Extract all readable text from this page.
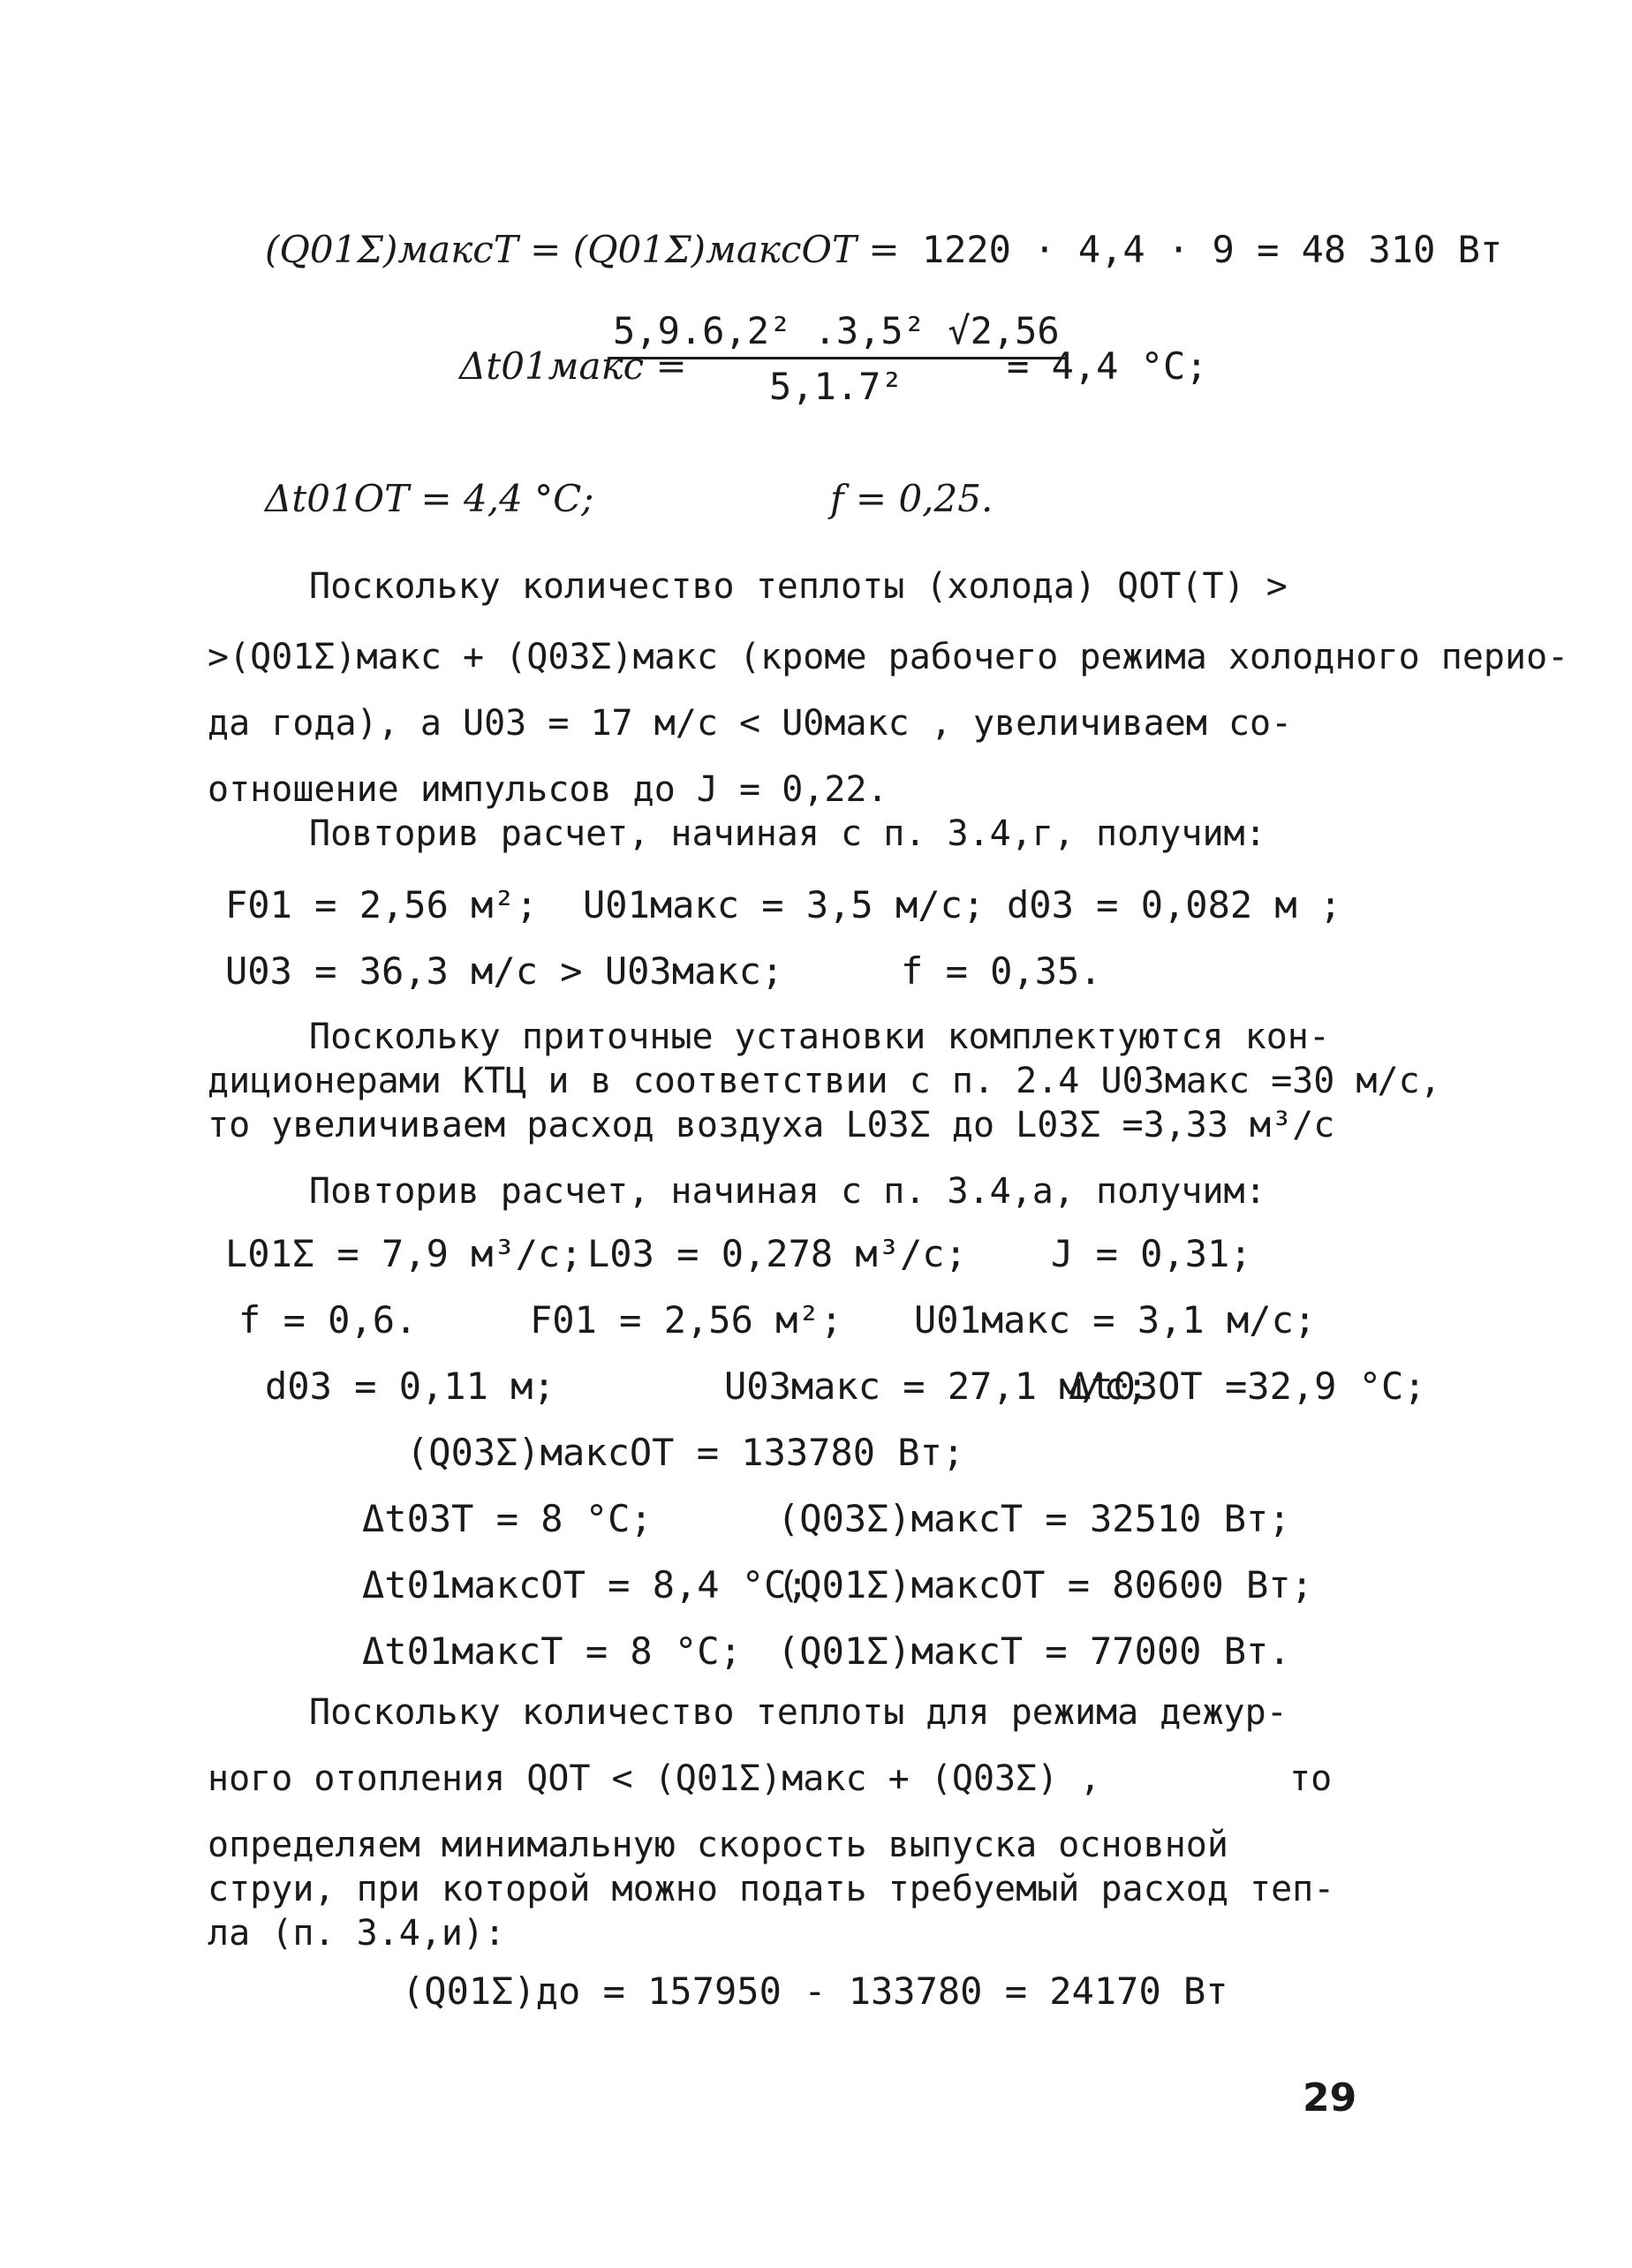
(Q01Σ)максT = (Q01Σ)максОТ = 1220 · 4,4 · 9 = 48 310 Вт
Δt01макс =
$\frac{\text{5,9.6,2² .3,5² √2,56}}{\text{5,1.7²}}$
= 4,4 °С;
Δt01ОТ = 4,4 °С;	f = 0,25.
Поскольку количество теплоты (холода) QОТ(Т) >
>(Q01Σ)макс + (Q03Σ)макс (кроме рабочего режима холодного перио-
да года), а U03 = 17 м/с < U0макс , увеличиваем со-
отношение импульсов до J = 0,22.
Повторив расчет, начиная с п. 3.4,г, получим:
F01 = 2,56 м²; U01макс = 3,5 м/с; d03 = 0,082 м ;
U03 = 36,3 м/с > U03макс;	f = 0,35.
Поскольку приточные установки комплектуются кон-
диционерами КТЦ и в соответствии с п. 2.4 U03макс =30 м/с,
то увеличиваем расход воздуха L03Σ до L03Σ =3,33 м³/с
Повторив расчет, начиная с п. 3.4,а, получим:
L01Σ = 7,9 м³/с; L03 = 0,278 м³/с; J = 0,31;
f = 0,6.	F01 = 2,56 м²; U01макс = 3,1 м/с;
d03 = 0,11 м;	U03макс = 27,1 м/с;
Δt03ОТ =32,9 °С;
(Q03Σ)максОТ = 133780 Вт;
Δt03Т = 8 °С;	(Q03Σ)максТ = 32510 Вт;
Δt01максОТ = 8,4 °С;
(Q01Σ)максОТ = 80600 Вт;
Δt01максТ = 8 °С; (Q01Σ)максТ = 77000 Вт.
Поскольку количество теплоты для режима дежур-
ного отопления QОТ < (Q01Σ)макс + (Q03Σ) ,	то
определяем минимальную скорость выпуска основной
струи, при которой можно подать требуемый расход теп-
ла (п. 3.4,и):
(Q01Σ)до = 157950 - 133780 = 24170 Вт
29
